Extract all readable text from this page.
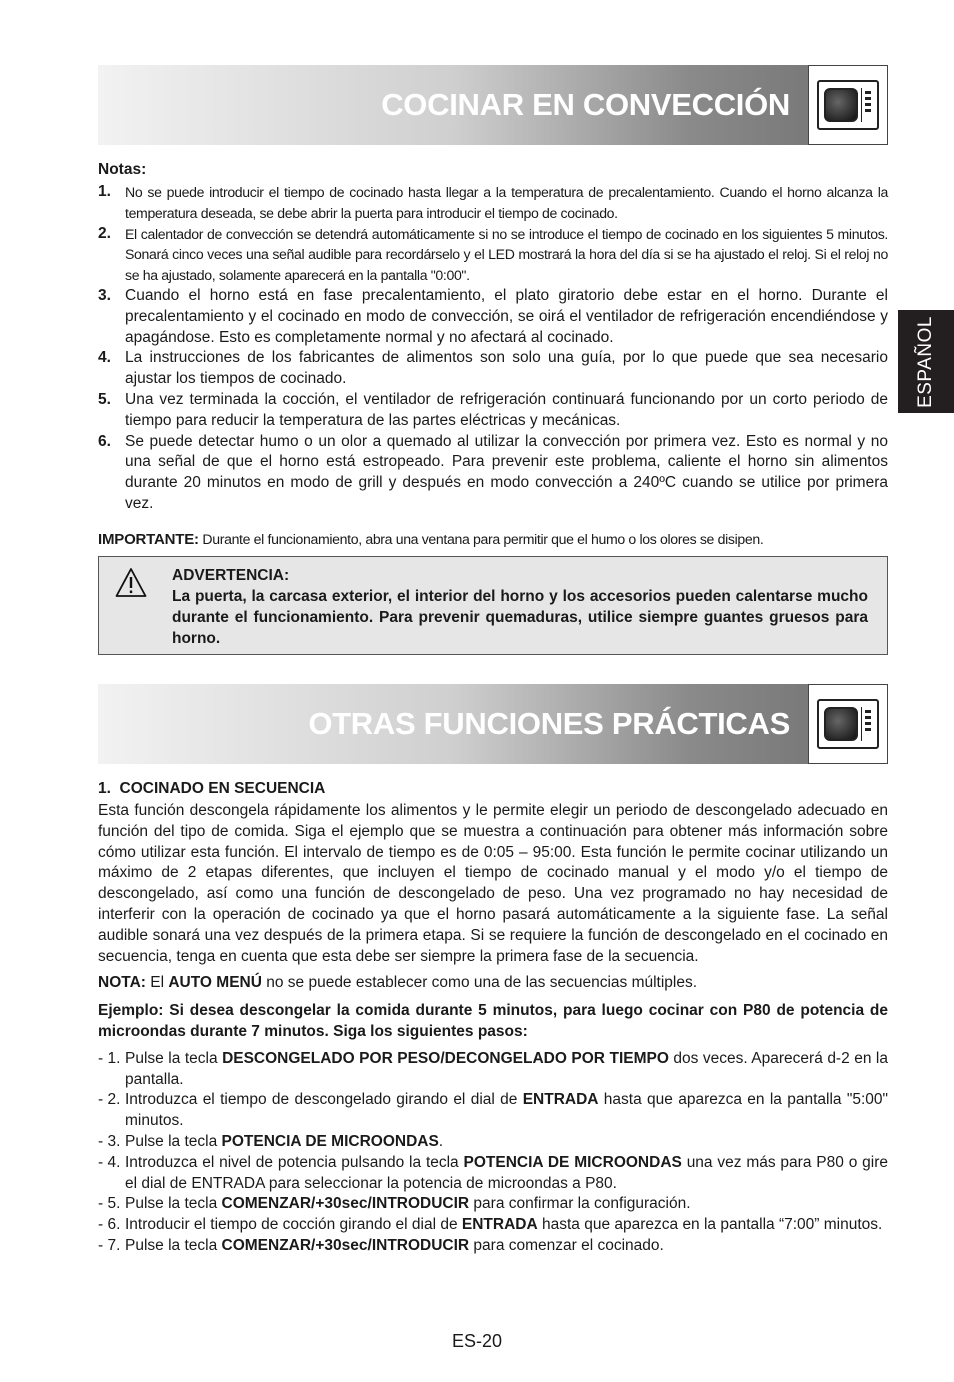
COCINAR EN CONVECCIÓN
ESPAÑOL
Notas:
1. No se puede introducir el tiempo de cocinado hasta llegar a la temperatura de precalentamiento. Cuando el horno alcanza la temperatura deseada, se debe abrir la puerta para introducir el tiempo de cocinado.
2. El calentador de convección se detendrá automáticamente si no se introduce el tiempo de cocinado en los siguientes 5 minutos. Sonará cinco veces una señal audible para recordárselo y el LED mostrará la hora del día si se ha ajustado el reloj. Si el reloj no se ha ajustado, solamente aparecerá en la pantalla "0:00".
3. Cuando el horno está en fase precalentamiento, el plato giratorio debe estar en el horno. Durante el precalentamiento y el cocinado en modo de convección, se oirá el ventilador de refrigeración encendiéndose y apagándose. Esto es completamente normal y no afectará al cocinado.
4. La instrucciones de los fabricantes de alimentos son solo una guía, por lo que puede que sea necesario ajustar los tiempos de cocinado.
5. Una vez terminada la cocción, el ventilador de refrigeración continuará funcionando por un corto periodo de tiempo para reducir la temperatura de las partes eléctricas y mecánicas.
6. Se puede detectar humo o un olor a quemado al utilizar la convección por primera vez. Esto es normal y no una señal de que el horno está estropeado. Para prevenir este problema, caliente el horno sin alimentos durante 20 minutos en modo de grill y después en modo convección a 240ºC cuando se utilice por primera vez.
IMPORTANTE: Durante el funcionamiento, abra una ventana para permitir que el humo o los olores se disipen.
ADVERTENCIA:
La puerta, la carcasa exterior, el interior del horno y los accesorios pueden calentarse mucho durante el funcionamiento. Para prevenir quemaduras, utilice siempre guantes gruesos para horno.
OTRAS FUNCIONES PRÁCTICAS
1.  COCINADO EN SECUENCIA
Esta función descongela rápidamente los alimentos y le permite elegir un periodo de descongelado adecuado en función del tipo de comida. Siga el ejemplo que se muestra a continuación para obtener más información sobre cómo utilizar esta función. El intervalo de tiempo es de 0:05 – 95:00. Esta función le permite cocinar utilizando un máximo de 2 etapas diferentes, que incluyen el tiempo de cocinado manual y el modo y/o el tiempo de descongelado, así como una función de descongelado de peso. Una vez programado no hay necesidad de interferir con la operación de cocinado ya que el horno pasará automáticamente a la siguiente fase. La señal audible sonará una vez después de la primera etapa. Si se requiere la función de descongelado en el cocinado en secuencia, tenga en cuenta que esta debe ser siempre la primera fase de la secuencia.
NOTA: El AUTO MENÚ no se puede establecer como una de las secuencias múltiples.
Ejemplo: Si desea descongelar la comida durante 5 minutos, para luego cocinar con P80 de potencia de microondas durante 7 minutos. Siga los siguientes pasos:
- 1. Pulse la tecla DESCONGELADO POR PESO/DECONGELADO POR TIEMPO dos veces. Aparecerá d-2 en la pantalla.
- 2. Introduzca el tiempo de descongelado girando el dial de ENTRADA hasta que aparezca en la pantalla "5:00" minutos.
- 3. Pulse la tecla POTENCIA DE MICROONDAS.
- 4. Introduzca el nivel de potencia pulsando la tecla POTENCIA DE MICROONDAS una vez más para P80 o gire el dial de ENTRADA para seleccionar la potencia de microondas a P80.
- 5. Pulse la tecla COMENZAR/+30sec/INTRODUCIR para confirmar la configuración.
- 6. Introducir el tiempo de cocción girando el dial de ENTRADA hasta que aparezca en la pantalla “7:00” minutos.
- 7. Pulse la tecla COMENZAR/+30sec/INTRODUCIR para comenzar el cocinado.
ES-20
